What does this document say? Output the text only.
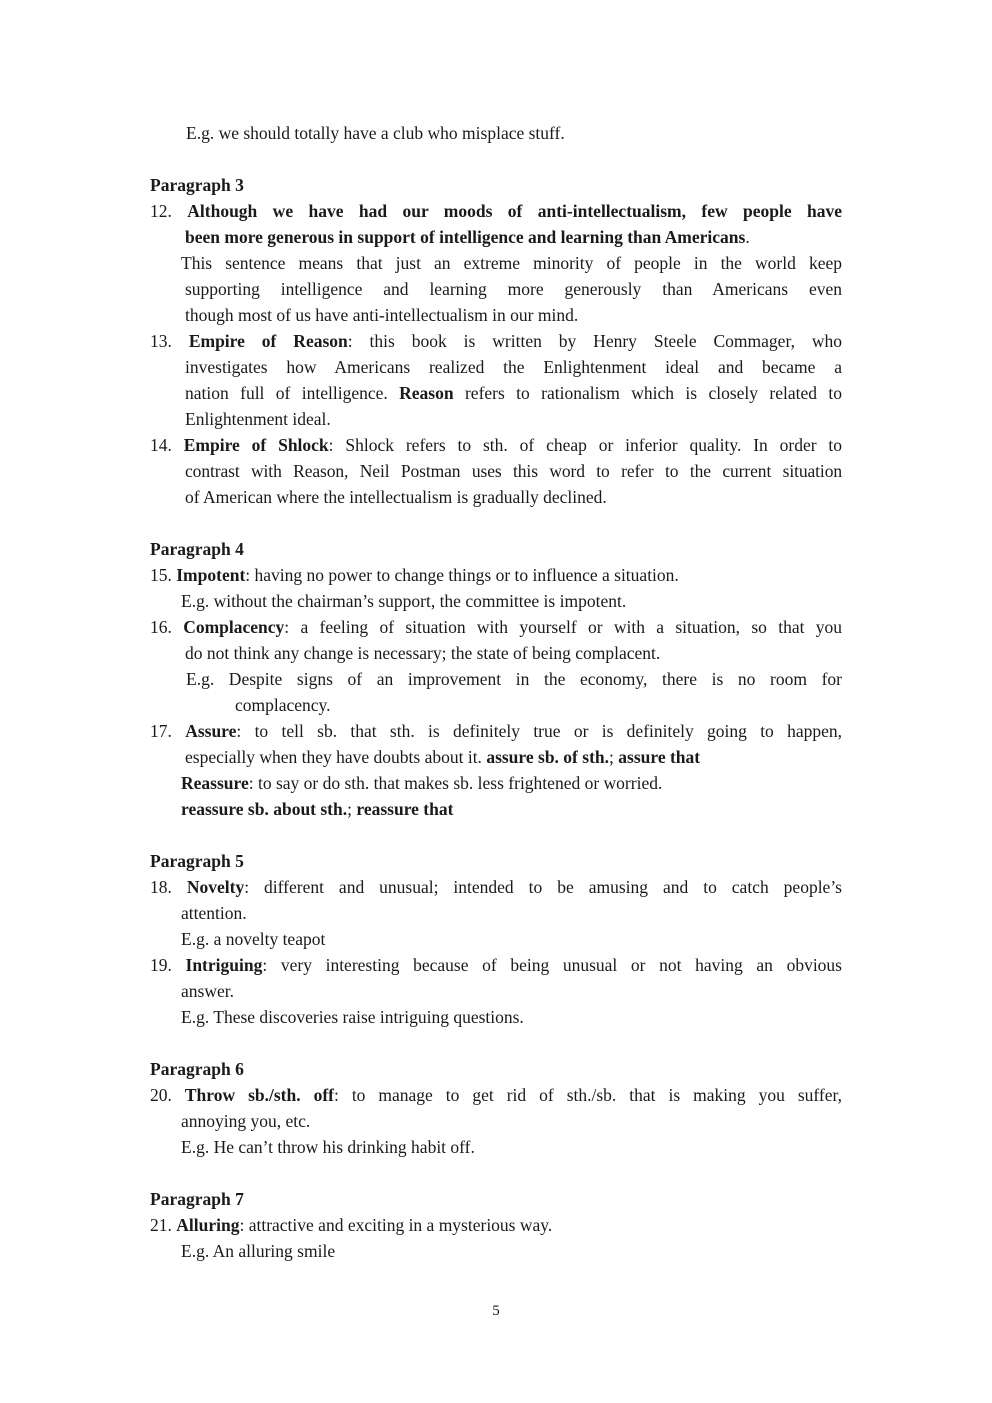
E.g. we should totally have a club who misplace stuff.
Paragraph 3
12. Although we have had our moods of anti-intellectualism, few people have
been more generous in support of intelligence and learning than Americans.
This sentence means that just an extreme minority of people in the world keep
supporting intelligence and learning more generously than Americans even
though most of us have anti-intellectualism in our mind.
13. Empire of Reason: this book is written by Henry Steele Commager, who
investigates how Americans realized the Enlightenment ideal and became a
nation full of intelligence. Reason refers to rationalism which is closely related to
Enlightenment ideal.
14. Empire of Shlock: Shlock refers to sth. of cheap or inferior quality. In order to
contrast with Reason, Neil Postman uses this word to refer to the current situation
of American where the intellectualism is gradually declined.
Paragraph 4
15. Impotent: having no power to change things or to influence a situation.
E.g. without the chairman’s support, the committee is impotent.
16. Complacency: a feeling of situation with yourself or with a situation, so that you
do not think any change is necessary; the state of being complacent.
E.g. Despite signs of an improvement in the economy, there is no room for
complacency.
17. Assure: to tell sb. that sth. is definitely true or is definitely going to happen,
especially when they have doubts about it. assure sb. of sth.; assure that
Reassure: to say or do sth. that makes sb. less frightened or worried.
reassure sb. about sth.; reassure that
Paragraph 5
18. Novelty: different and unusual; intended to be amusing and to catch people’s
attention.
E.g. a novelty teapot
19. Intriguing: very interesting because of being unusual or not having an obvious
answer.
E.g. These discoveries raise intriguing questions.
Paragraph 6
20. Throw sb./sth. off: to manage to get rid of sth./sb. that is making you suffer,
annoying you, etc.
E.g. He can’t throw his drinking habit off.
Paragraph 7
21. Alluring: attractive and exciting in a mysterious way.
E.g. An alluring smile
5
